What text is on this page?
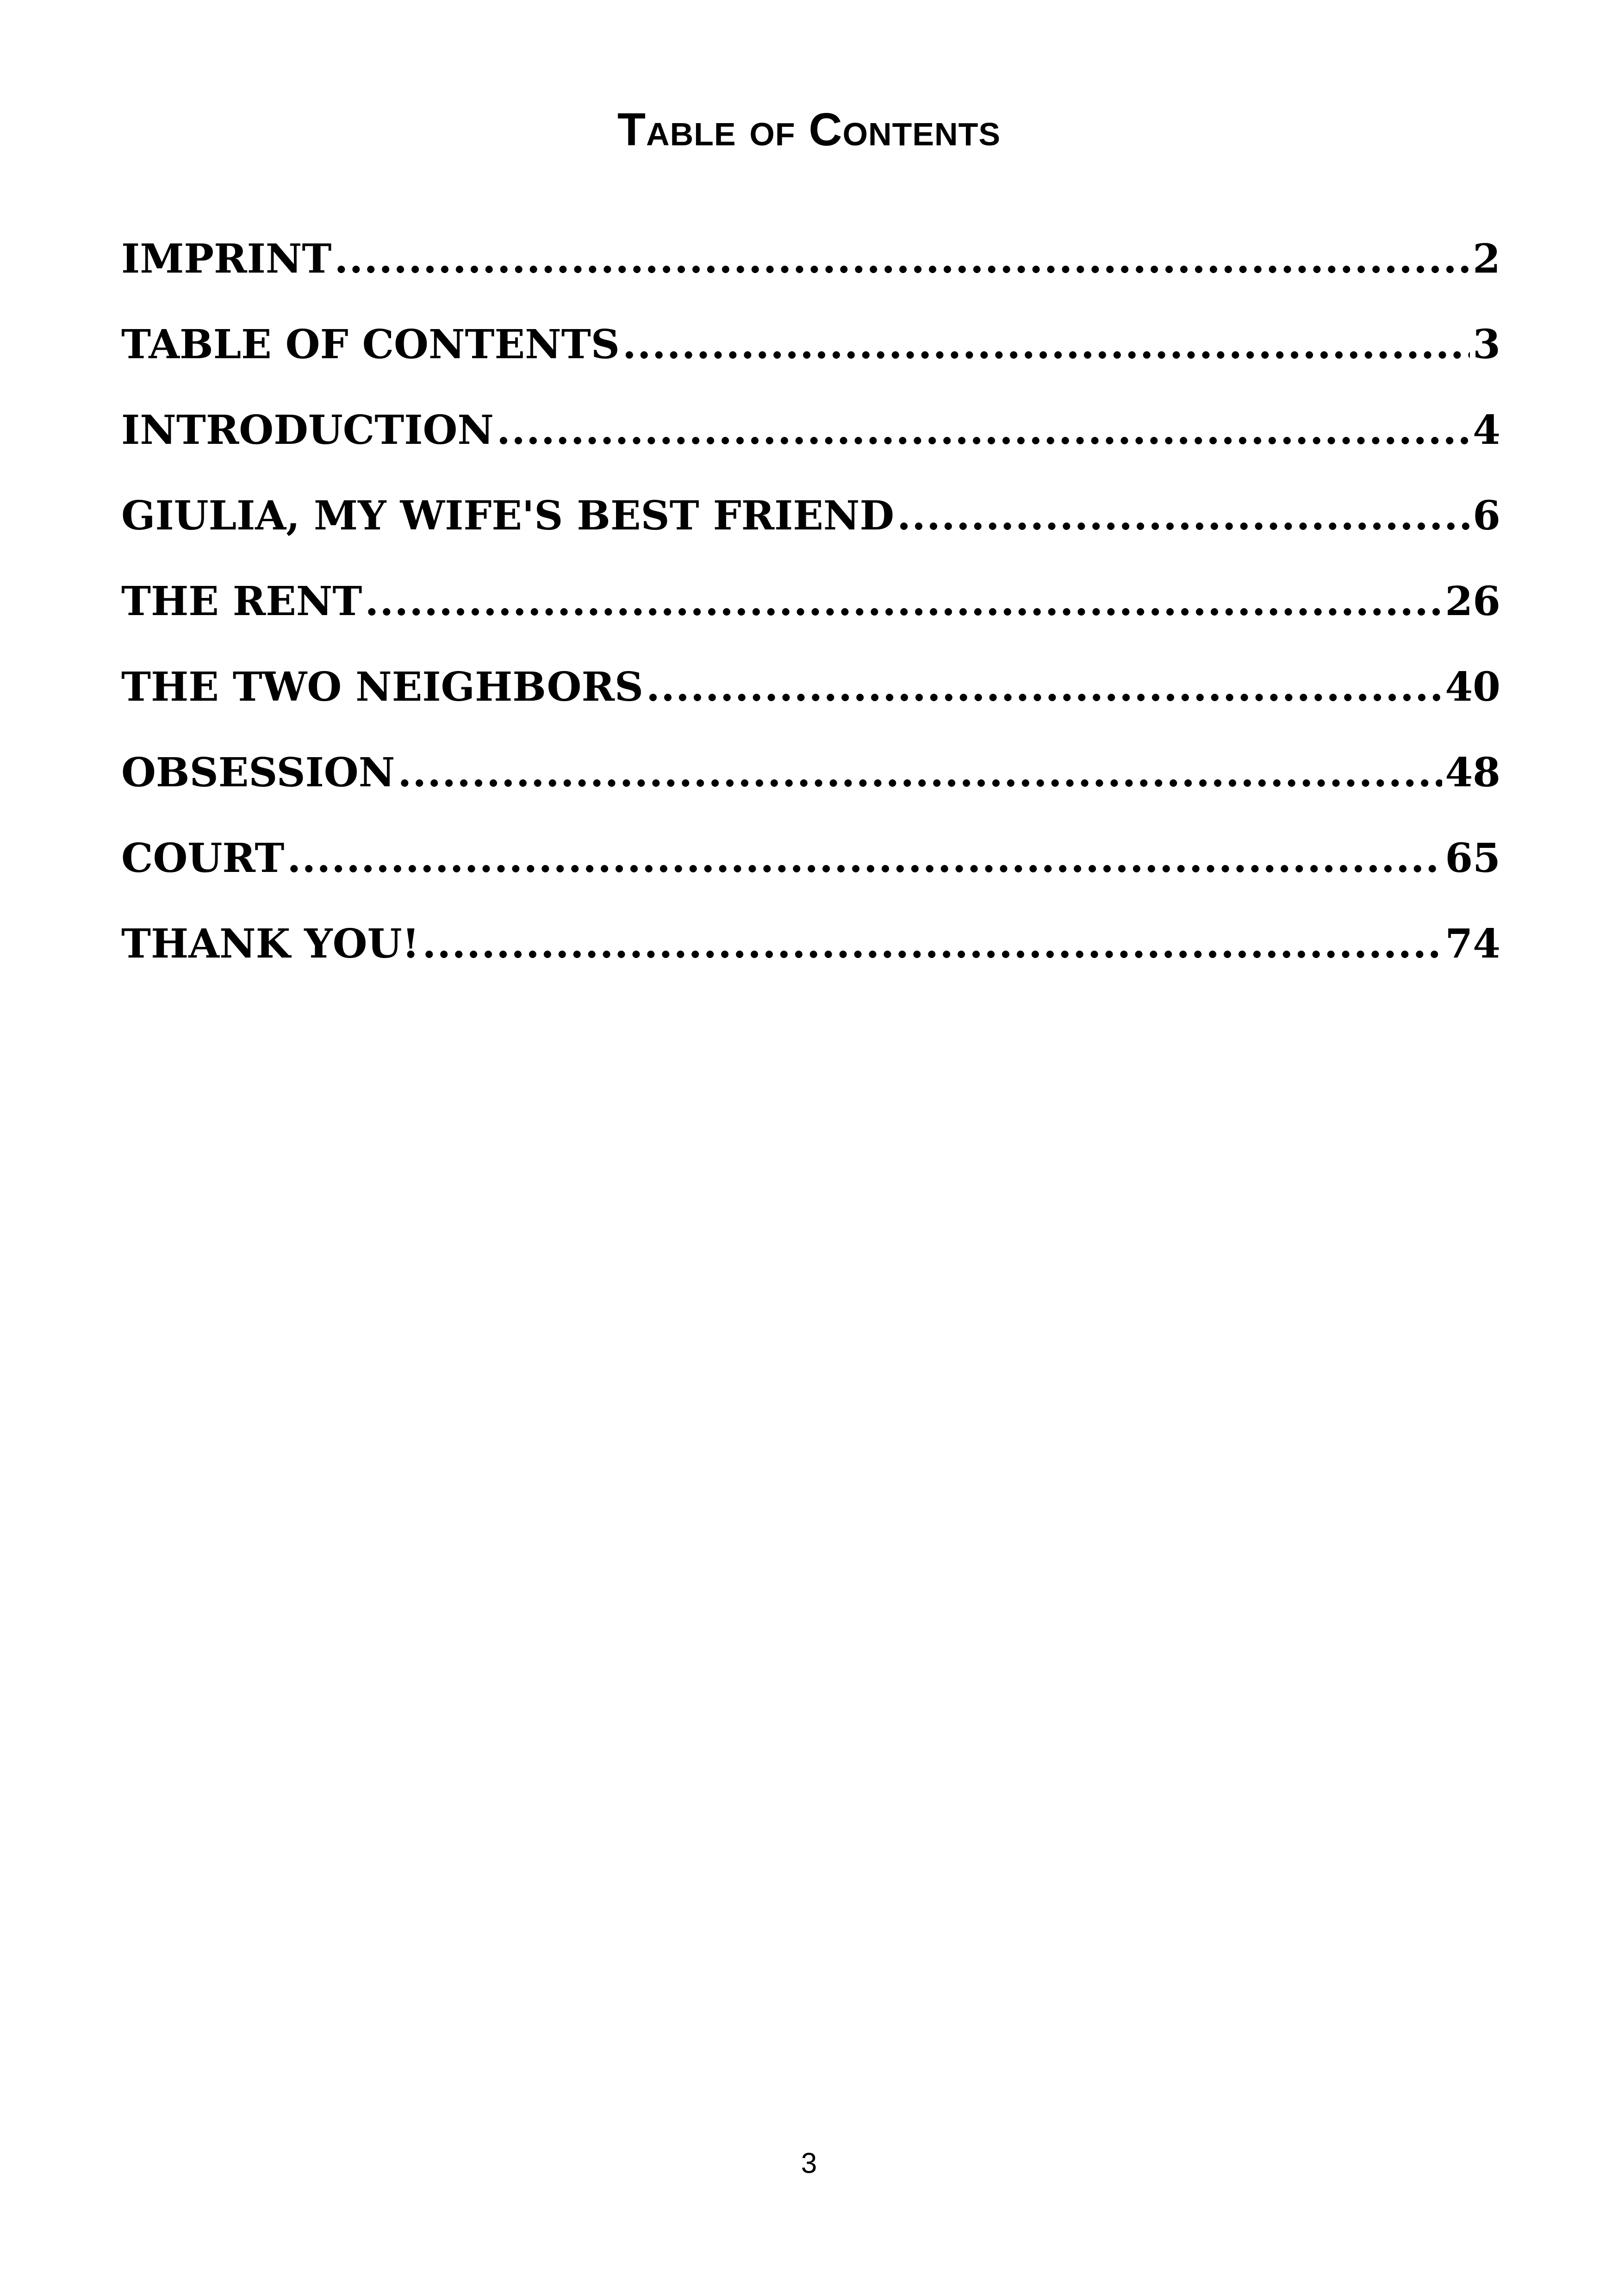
Table of Contents
IMPRINT .....	2
TABLE OF CONTENTS .....	3
INTRODUCTION .....	4
GIULIA, MY WIFE'S BEST FRIEND .....	6
THE RENT .....	26
THE TWO NEIGHBORS .....	40
OBSESSION .....	48
COURT .....	65
THANK YOU! .....	74
3
